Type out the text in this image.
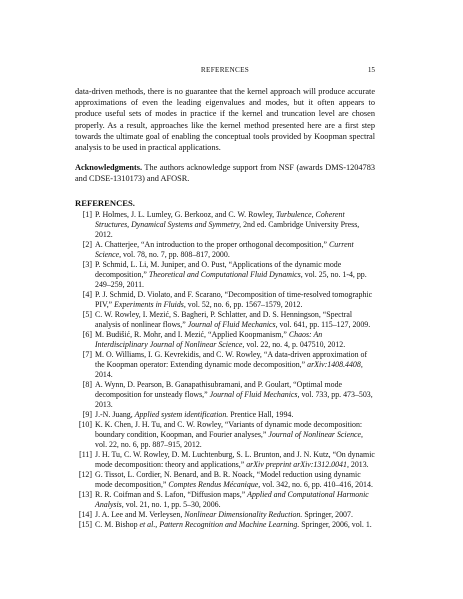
REFERENCES	15
data-driven methods, there is no guarantee that the kernel approach will produce accurate approximations of even the leading eigenvalues and modes, but it often appears to produce useful sets of modes in practice if the kernel and truncation level are chosen properly. As a result, approaches like the kernel method presented here are a first step towards the ultimate goal of enabling the conceptual tools provided by Koopman spectral analysis to be used in practical applications.
Acknowledgments. The authors acknowledge support from NSF (awards DMS-1204783 and CDSE-1310173) and AFOSR.
REFERENCES.
[1] P. Holmes, J. L. Lumley, G. Berkooz, and C. W. Rowley, Turbulence, Coherent Structures, Dynamical Systems and Symmetry, 2nd ed. Cambridge University Press, 2012.
[2] A. Chatterjee, “An introduction to the proper orthogonal decomposition,” Current Science, vol. 78, no. 7, pp. 808–817, 2000.
[3] P. Schmid, L. Li, M. Juniper, and O. Pust, “Applications of the dynamic mode decomposition,” Theoretical and Computational Fluid Dynamics, vol. 25, no. 1-4, pp. 249–259, 2011.
[4] P. J. Schmid, D. Violato, and F. Scarano, “Decomposition of time-resolved tomographic PIV,” Experiments in Fluids, vol. 52, no. 6, pp. 1567–1579, 2012.
[5] C. W. Rowley, I. Mezić, S. Bagheri, P. Schlatter, and D. S. Henningson, “Spectral analysis of nonlinear flows,” Journal of Fluid Mechanics, vol. 641, pp. 115–127, 2009.
[6] M. Budišić, R. Mohr, and I. Mezić, “Applied Koopmanism,” Chaos: An Interdisciplinary Journal of Nonlinear Science, vol. 22, no. 4, p. 047510, 2012.
[7] M. O. Williams, I. G. Kevrekidis, and C. W. Rowley, “A data-driven approximation of the Koopman operator: Extending dynamic mode decomposition,” arXiv:1408.4408, 2014.
[8] A. Wynn, D. Pearson, B. Ganapathisubramani, and P. Goulart, “Optimal mode decomposition for unsteady flows,” Journal of Fluid Mechanics, vol. 733, pp. 473–503, 2013.
[9] J.-N. Juang, Applied system identification. Prentice Hall, 1994.
[10] K. K. Chen, J. H. Tu, and C. W. Rowley, “Variants of dynamic mode decomposition: boundary condition, Koopman, and Fourier analyses,” Journal of Nonlinear Science, vol. 22, no. 6, pp. 887–915, 2012.
[11] J. H. Tu, C. W. Rowley, D. M. Luchtenburg, S. L. Brunton, and J. N. Kutz, “On dynamic mode decomposition: theory and applications,” arXiv preprint arXiv:1312.0041, 2013.
[12] G. Tissot, L. Cordier, N. Benard, and B. R. Noack, “Model reduction using dynamic mode decomposition,” Comptes Rendus Mécanique, vol. 342, no. 6, pp. 410–416, 2014.
[13] R. R. Coifman and S. Lafon, “Diffusion maps,” Applied and Computational Harmonic Analysis, vol. 21, no. 1, pp. 5–30, 2006.
[14] J. A. Lee and M. Verleysen, Nonlinear Dimensionality Reduction. Springer, 2007.
[15] C. M. Bishop et al., Pattern Recognition and Machine Learning. Springer, 2006, vol. 1.
